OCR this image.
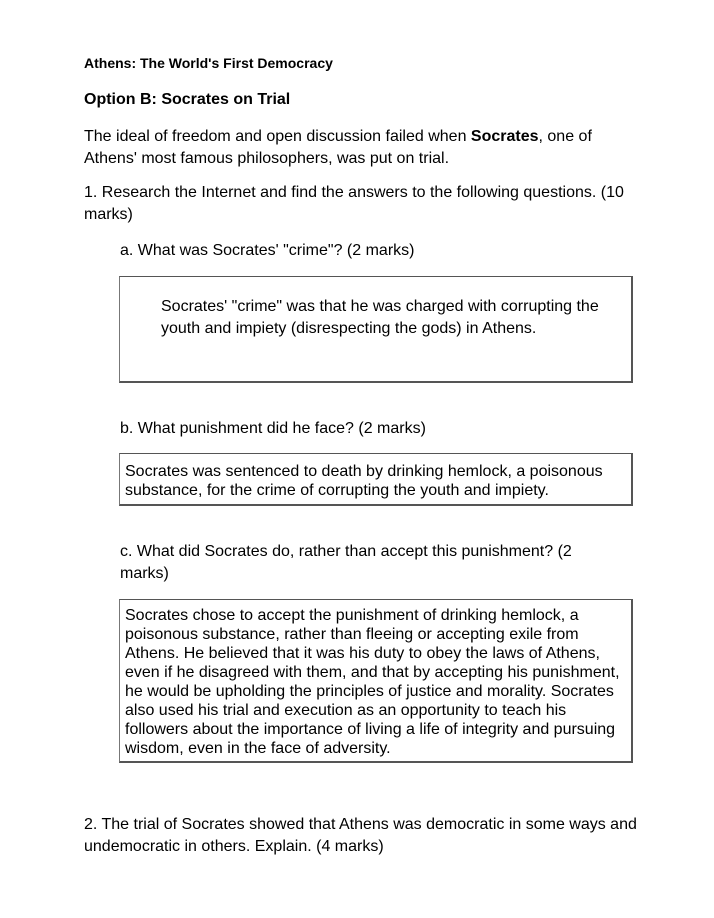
Athens: The World's First Democracy
Option B: Socrates on Trial
The ideal of freedom and open discussion failed when Socrates, one of Athens' most famous philosophers, was put on trial.
1. Research the Internet and find the answers to the following questions. (10 marks)
a. What was Socrates' "crime"? (2 marks)
Socrates' "crime" was that he was charged with corrupting the youth and impiety (disrespecting the gods) in Athens.
b. What punishment did he face? (2 marks)
Socrates was sentenced to death by drinking hemlock, a poisonous substance, for the crime of corrupting the youth and impiety.
c. What did Socrates do, rather than accept this punishment? (2 marks)
Socrates chose to accept the punishment of drinking hemlock, a poisonous substance, rather than fleeing or accepting exile from Athens. He believed that it was his duty to obey the laws of Athens, even if he disagreed with them, and that by accepting his punishment, he would be upholding the principles of justice and morality. Socrates also used his trial and execution as an opportunity to teach his followers about the importance of living a life of integrity and pursuing wisdom, even in the face of adversity.
2. The trial of Socrates showed that Athens was democratic in some ways and undemocratic in others. Explain. (4 marks)
